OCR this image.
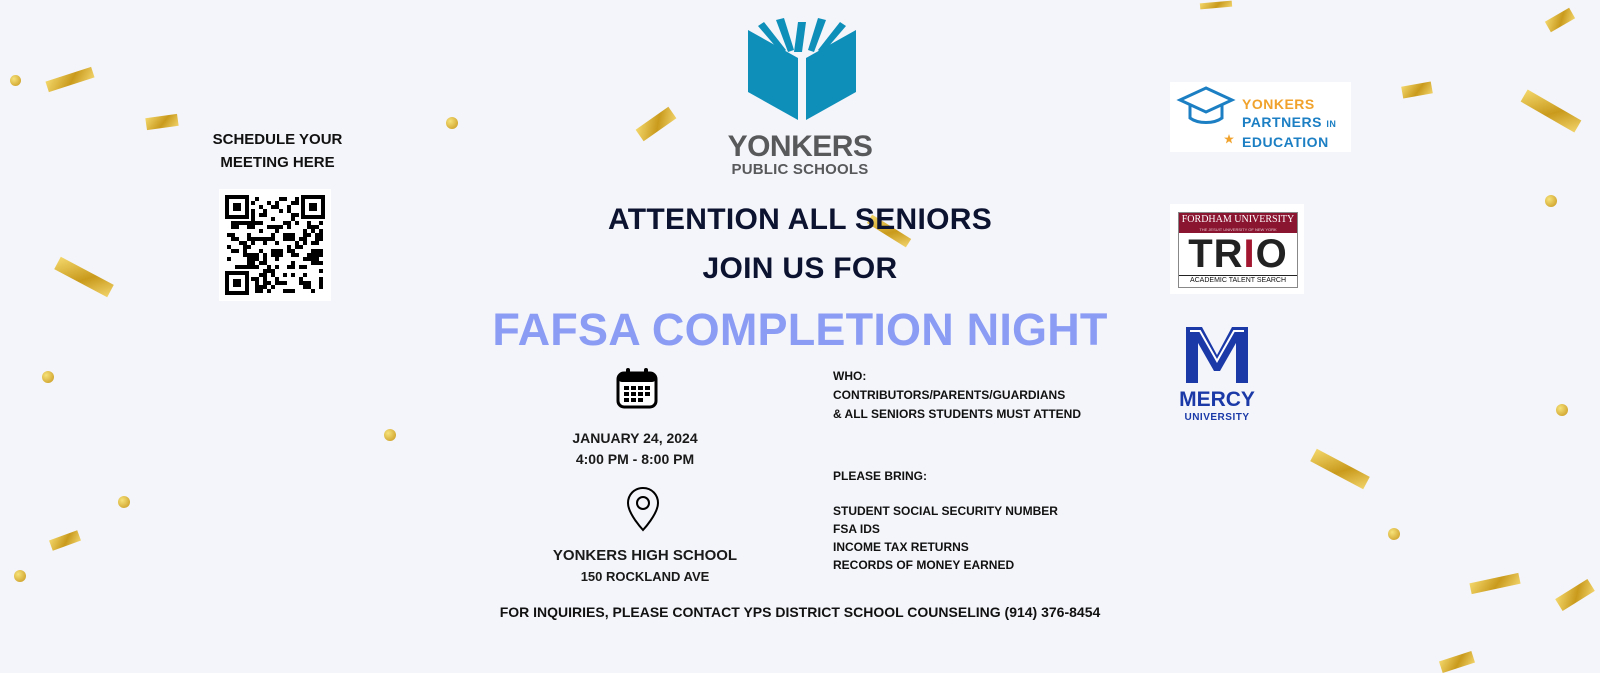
SCHEDULE YOUR
MEETING HERE	YONKERS
PUBLIC SCHOOLS
ATTENTION ALL SENIORS
JOIN US FOR
FAFSA COMPLETION NIGHT
JANUARY 24, 2024
4:00 PM - 8:00 PM
YONKERS HIGH SCHOOL
150 ROCKLAND AVE
WHO:
CONTRIBUTORS/PARENTS/GUARDIANS
& ALL SENIORS STUDENTS MUST ATTEND
PLEASE BRING:
STUDENT SOCIAL SECURITY NUMBER
FSA IDS
INCOME TAX RETURNS
RECORDS OF MONEY EARNED
FOR INQUIRIES, PLEASE CONTACT YPS DISTRICT SCHOOL COUNSELING (914) 376-8454
YONKERS
PARTNERS IN
EDUCATION
FORDHAM UNIVERSITY
THE JESUIT UNIVERSITY OF NEW YORK
TRIO
ACADEMIC TALENT SEARCH
MERCY
UNIVERSITY
